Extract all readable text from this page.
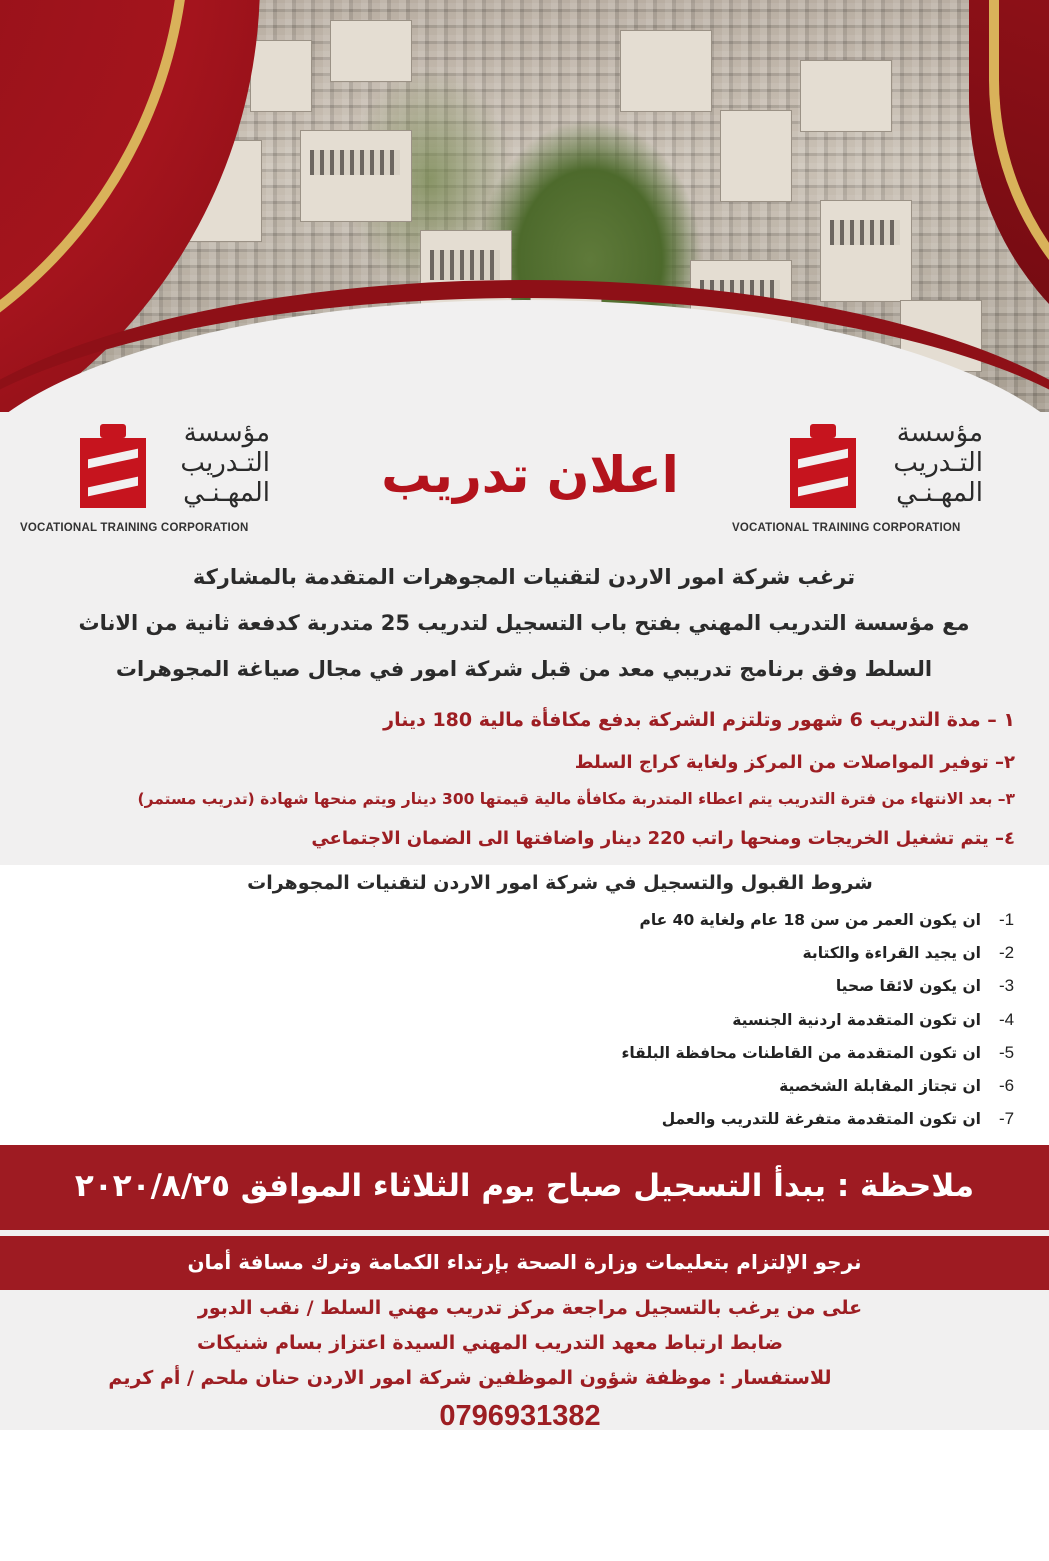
مؤسسة
التـدريب
المهـنـي
VOCATIONAL TRAINING CORPORATION
مؤسسة
التـدريب
المهـنـي
VOCATIONAL TRAINING CORPORATION
اعلان تدريب
ترغب شركة امور الاردن لتقنيات المجوهرات المتقدمة بالمشاركة
مع مؤسسة التدريب المهني بفتح باب التسجيل لتدريب 25 متدربة كدفعة ثانية من الاناث
السلط وفق برنامج تدريبي معد من قبل شركة امور في مجال صياغة المجوهرات
١ – مدة التدريب 6 شهور وتلتزم الشركة بدفع مكافأة مالية 180 دينار
٢– توفير المواصلات من المركز ولغاية كراج السلط
٣– بعد الانتهاء من فترة التدريب يتم اعطاء المتدربة مكافأة مالية قيمتها 300 دينار ويتم منحها شهادة (تدريب مستمر)
٤– يتم تشغيل الخريجات ومنحها راتب 220 دينار واضافتها الى الضمان الاجتماعي
شروط القبول والتسجيل في شركة امور الاردن لتقنيات المجوهرات
-1
ان يكون العمر من سن 18 عام ولغاية 40 عام
-2
ان يجيد القراءة والكتابة
-3
ان يكون لائقا صحيا
-4
ان تكون المتقدمة اردنية الجنسية
-5
ان تكون المتقدمة من القاطنات محافظة البلقاء
-6
ان تجتاز المقابلة الشخصية
-7
ان تكون المتقدمة متفرغة للتدريب والعمل
ملاحظة : يبدأ التسجيل صباح يوم الثلاثاء الموافق ٢٠٢٠/٨/٢٥
نرجو الإلتزام بتعليمات وزارة الصحة بإرتداء الكمامة وترك مسافة أمان
على من يرغب بالتسجيل مراجعة مركز تدريب مهني السلط / نقب الدبور
ضابط ارتباط معهد التدريب المهني السيدة اعتزاز بسام شنيكات
للاستفسار : موظفة شؤون الموظفين شركة امور الاردن حنان ملحم / أم كريم
0796931382
